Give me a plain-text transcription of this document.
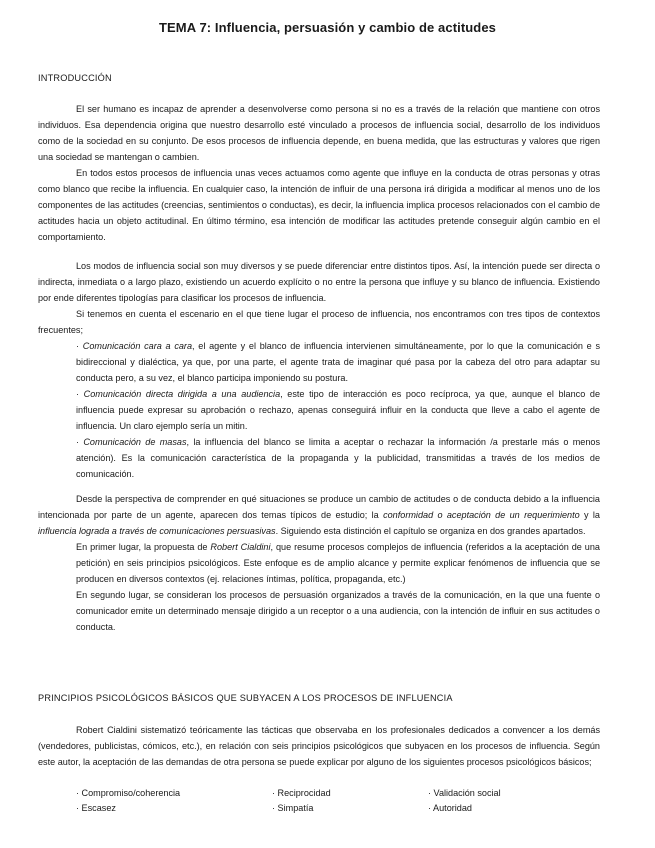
TEMA 7: Influencia, persuasión y cambio de actitudes
INTRODUCCIÓN

El ser humano es incapaz de aprender a desenvolverse como persona si no es a través de la relación que mantiene con otros individuos. Esa dependencia origina que nuestro desarrollo esté vinculado a procesos de influencia social, desarrollo de los individuos como de la sociedad en su conjunto. De esos procesos de influencia depende, en buena medida, que las estructuras y valores que rigen una sociedad se mantengan o cambien.

En todos estos procesos de influencia unas veces actuamos como agente que influye en la conducta de otras personas y otras como blanco que recibe la influencia. En cualquier caso, la intención de influir de una persona irá dirigida a modificar al menos uno de los componentes de las actitudes (creencias, sentimientos o conductas), es decir, la influencia implica procesos relacionados con el cambio de actitudes hacia un objeto actitudinal. En último término, esa intención de modificar las actitudes pretende conseguir algún cambio en el comportamiento.

Los modos de influencia social son muy diversos y se puede diferenciar entre distintos tipos. Así, la intención puede ser directa o indirecta, inmediata o a largo plazo, existiendo un acuerdo explícito o no entre la persona que influye y su blanco de influencia. Existiendo por ende diferentes tipologías para clasificar los procesos de influencia.

Si tenemos en cuenta el escenario en el que tiene lugar el proceso de influencia, nos encontramos con tres tipos de contextos frecuentes;

· Comunicación cara a cara, el agente y el blanco de influencia intervienen simultáneamente, por lo que la comunicación e s bidireccional y dialéctica, ya que, por una parte, el agente trata de imaginar qué pasa por la cabeza del otro para adaptar su conducta pero, a su vez, el blanco participa imponiendo su postura.

· Comunicación directa dirigida a una audiencia, este tipo de interacción es poco recíproca, ya que, aunque el blanco de influencia puede expresar su aprobación o rechazo, apenas conseguirá influir en la conducta que lleve a cabo el agente de influencia. Un claro ejemplo sería un mitin.

· Comunicación de masas, la influencia del blanco se limita a aceptar o rechazar la información /a prestarle más o menos atención). Es la comunicación característica de la propaganda y la publicidad, transmitidas a través de los medios de comunicación.

Desde la perspectiva de comprender en qué situaciones se produce un cambio de actitudes o de conducta debido a la influencia intencionada por parte de un agente, aparecen dos temas típicos de estudio; la conformidad o aceptación de un requerimiento y la influencia lograda a través de comunicaciones persuasivas. Siguiendo esta distinción el capítulo se organiza en dos grandes apartados.

En primer lugar, la propuesta de Robert Cialdini, que resume procesos complejos de influencia (referidos a la aceptación de una petición) en seis principios psicológicos. Este enfoque es de amplio alcance y permite explicar fenómenos de influencia que se producen en diversos contextos (ej. relaciones íntimas, política, propaganda, etc.)

En segundo lugar, se consideran los procesos de persuasión organizados a través de la comunicación, en la que una fuente o comunicador emite un determinado mensaje dirigido a un receptor o a una audiencia, con la intención de influir en sus actitudes o conducta.

PRINCIPIOS PSICOLÓGICOS BÁSICOS QUE SUBYACEN A LOS PROCESOS DE INFLUENCIA

Robert Cialdini sistematizó teóricamente las tácticas que observaba en los profesionales dedicados a convencer a los demás (vendedores, publicistas, cómicos, etc.), en relación con seis principios psicológicos que subyacen en los procesos de influencia. Según este autor, la aceptación de las demandas de otra persona se puede explicar por alguno de los siguientes procesos psicológicos básicos;

· Compromiso/coherencia	· Reciprocidad	· Validación social
· Escasez	· Simpatía	· Autoridad
